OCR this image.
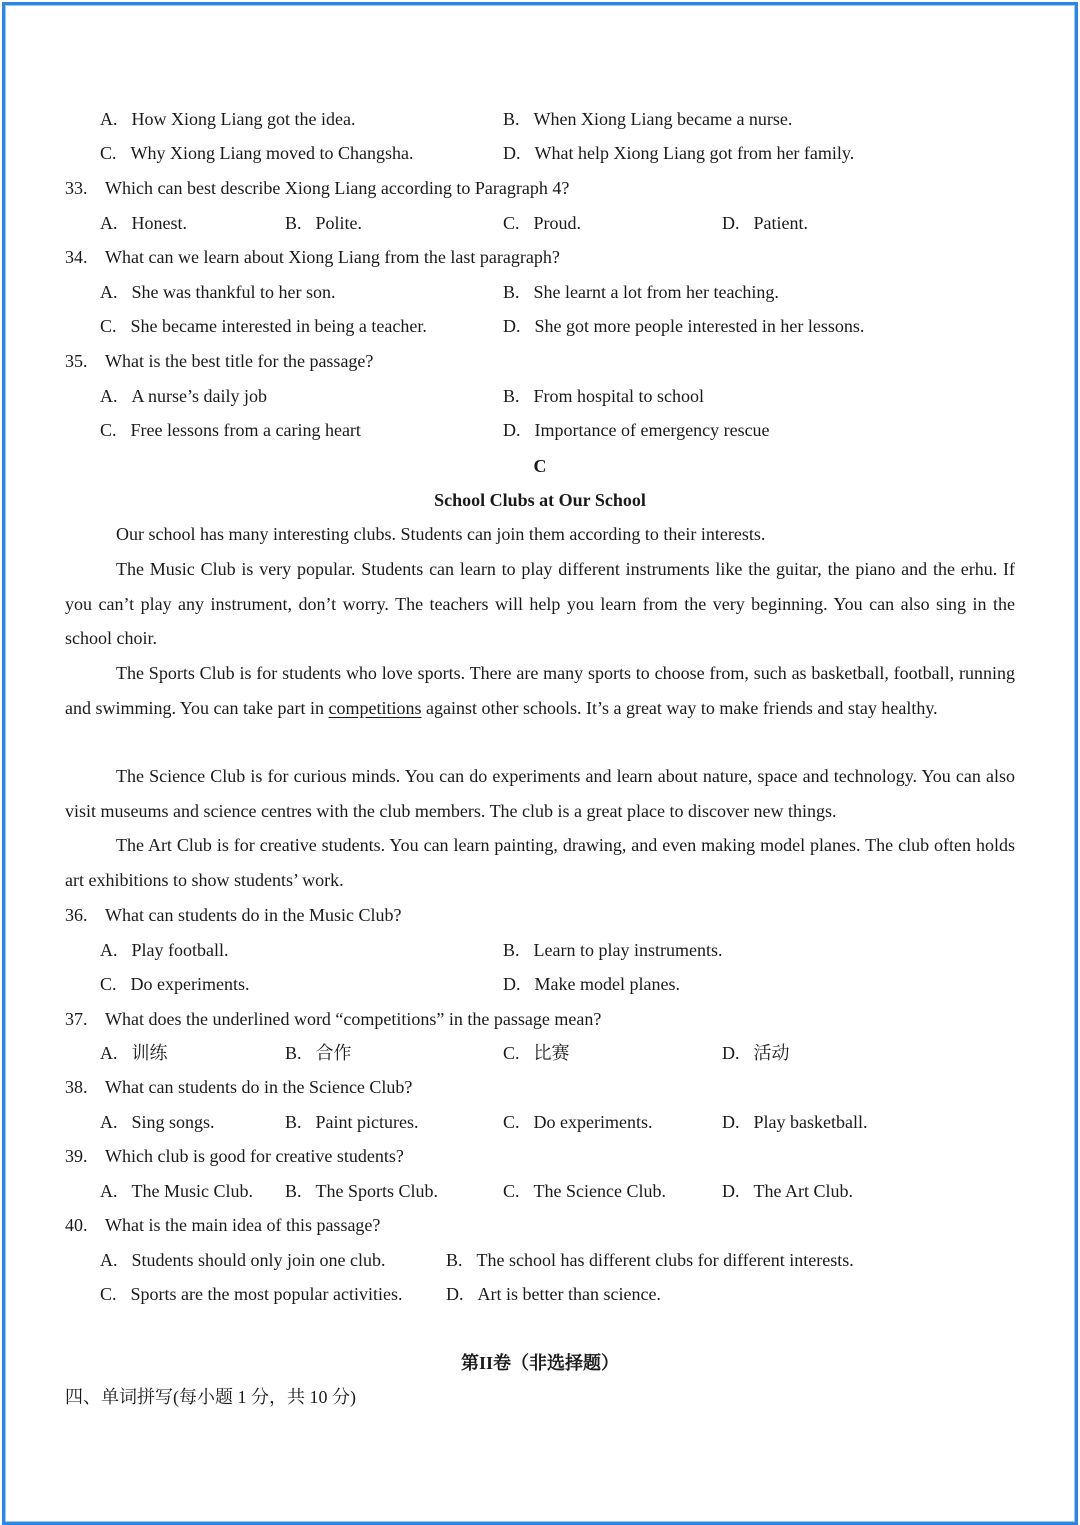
A. How Xiong Liang got the idea.	B. When Xiong Liang became a nurse.
C. Why Xiong Liang moved to Changsha.	D. What help Xiong Liang got from her family.
33. Which can best describe Xiong Liang according to Paragraph 4?
A. Honest.	B. Polite.	C. Proud.	D. Patient.
34. What can we learn about Xiong Liang from the last paragraph?
A. She was thankful to her son.	B. She learnt a lot from her teaching.
C. She became interested in being a teacher.	D. She got more people interested in her lessons.
35. What is the best title for the passage?
A. A nurse’s daily job	B. From hospital to school
C. Free lessons from a caring heart	D. Importance of emergency rescue
C
School Clubs at Our School

Our school has many interesting clubs. Students can join them according to their interests.

The Music Club is very popular. Students can learn to play different instruments like the guitar, the piano and the erhu. If you can’t play any instrument, don’t worry. The teachers will help you learn from the very beginning. You can also sing in the school choir.

The Sports Club is for students who love sports. There are many sports to choose from, such as basketball, football, running and swimming. You can take part in competitions against other schools. It’s a great way to make friends and stay healthy.

The Science Club is for curious minds. You can do experiments and learn about nature, space and technology. You can also visit museums and science centres with the club members. The club is a great place to discover new things.

The Art Club is for creative students. You can learn painting, drawing, and even making model planes. The club often holds art exhibitions to show students’ work.

36. What can students do in the Music Club?
A. Play football.	B. Learn to play instruments.
C. Do experiments.	D. Make model planes.
37. What does the underlined word “competitions” in the passage mean?
A. 训练	B. 合作	C. 比赛	D. 活动
38. What can students do in the Science Club?
A. Sing songs.	B. Paint pictures.	C. Do experiments.	D. Play basketball.
39. Which club is good for creative students?
A. The Music Club. B. The Sports Club.	C. The Science Club.	D. The Art Club.
40. What is the main idea of this passage?
A. Students should only join one club.	B. The school has different clubs for different interests.
C. Sports are the most popular activities. D. Art is better than science.
第II卷（非选择题）
四、单词拼写(每小题 1 分，共 10 分)
